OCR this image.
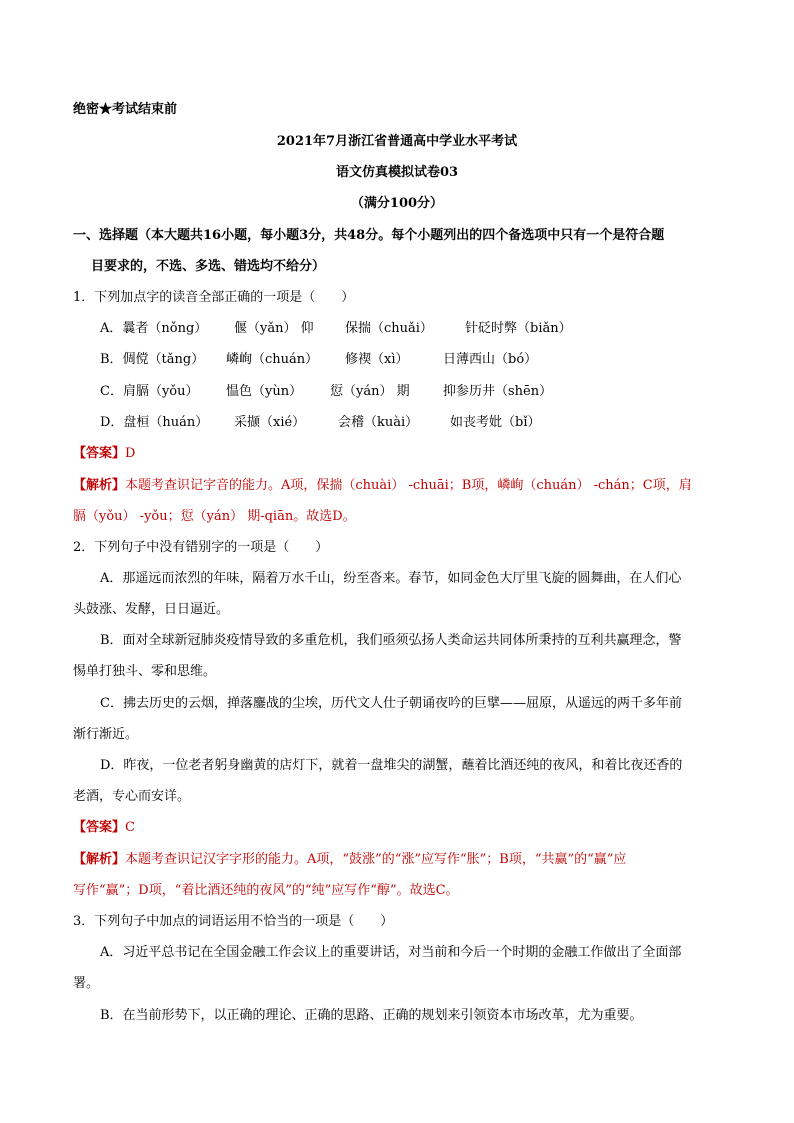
绝密★考试结束前
2021年7月浙江省普通高中学业水平考试
语文仿真模拟试卷03
（满分100分）
一、选择题（本大题共16小题，每小题3分，共48分。每个小题列出的四个备选项中只有一个是符合题
目要求的，不选、多选、错选均不给分）
1．下列加点字的读音全部正确的一项是（　　）
A．曩者（nǒng） 偃（yǎn） 仰 保揣（chuǎi） 针砭时弊（biǎn）
B．倜傥（tǎng） 嶙峋（chuán） 修禊（xì）	日薄西山（bó）
C．肩膈（yǒu） 愠色（yùn） 愆（yán） 期	抑参历井（shēn）
D．盘桓（huán） 采撷（xié）	会稽（kuài） 如丧考妣（bǐ）
【答案】D
【解析】本题考查识记字音的能力。A项，保揣（chuài） -chuāi；B项，嶙峋（chuán） -chán；C项，肩
膈（yǒu） -yǒu；愆（yán） 期-qiān。故选D。
2．下列句子中没有错别字的一项是（　　）
A．那遥远而浓烈的年味，隔着万水千山，纷至沓来。春节，如同金色大厅里飞旋的圆舞曲，在人们心
头鼓涨、发酵，日日逼近。
B．面对全球新冠肺炎疫情导致的多重危机，我们亟须弘扬人类命运共同体所秉持的互利共赢理念，警
惕单打独斗、零和思维。
C．拂去历史的云烟，掸落鏖战的尘埃，历代文人仕子朝诵夜吟的巨擘——屈原，从遥远的两千多年前
渐行渐近。
D．昨夜，一位老者躬身幽黄的店灯下，就着一盘堆尖的湖蟹，蘸着比酒还纯的夜风，和着比夜还香的
老酒，专心而安详。
【答案】C
【解析】本题考查识记汉字字形的能力。A项，“鼓涨”的“涨”应写作“胀”；B项，“共赢”的“赢”应
写作“赢”；D项，“着比酒还纯的夜风”的“纯”应写作“醇”。故选C。
3．下列句子中加点的词语运用不恰当的一项是（　　）
A．习近平总书记在全国金融工作会议上的重要讲话，对当前和今后一个时期的金融工作做出了全面部
署。
B．在当前形势下，以正确的理论、正确的思路、正确的规划来引领资本市场改革，尤为重要。
